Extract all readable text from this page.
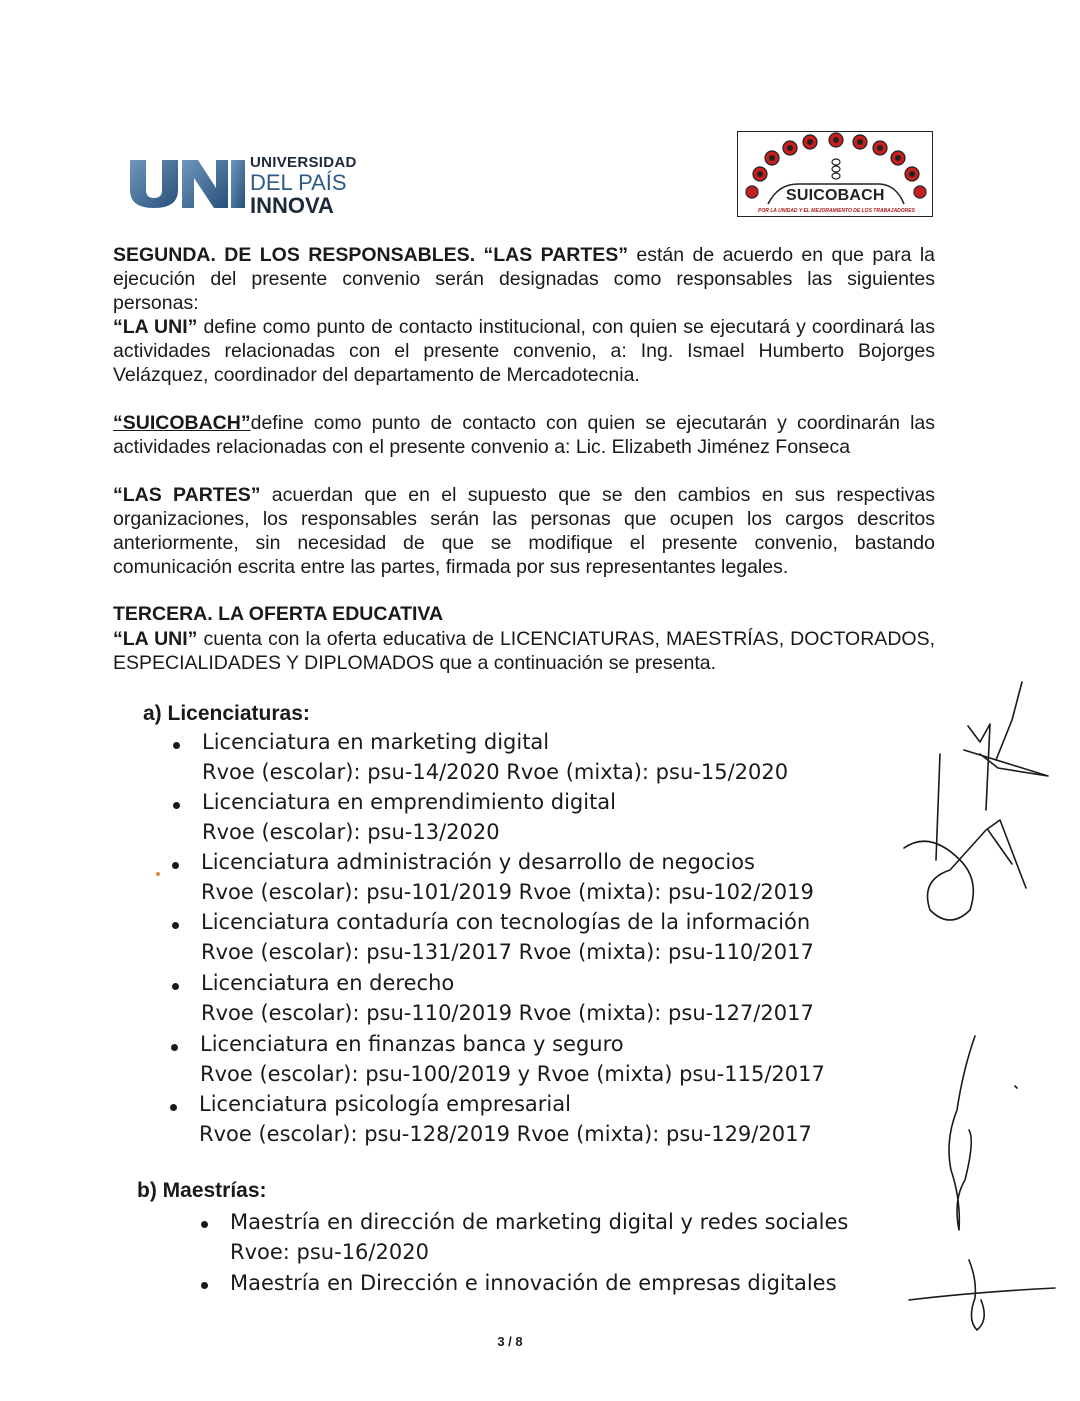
UNIVERSIDAD
DEL PAÍS
INNOVA	SUICOBACH
POR LA UNIDAD Y EL MEJORAMIENTO DE LOS TRABAJADORES

SEGUNDA. DE LOS RESPONSABLES. “LAS PARTES” están de acuerdo en que para la ejecución del presente convenio serán designadas como responsables las siguientes personas:

“LA UNI” define como punto de contacto institucional, con quien se ejecutará y coordinará las actividades relacionadas con el presente convenio, a: Ing. Ismael Humberto Bojorges Velázquez, coordinador del departamento de Mercadotecnia.

“SUICOBACH”define como punto de contacto con quien se ejecutarán y coordinarán las actividades relacionadas con el presente convenio a: Lic. Elizabeth Jiménez Fonseca

“LAS PARTES” acuerdan que en el supuesto que se den cambios en sus respectivas organizaciones, los responsables serán las personas que ocupen los cargos descritos anteriormente, sin necesidad de que se modifique el presente convenio, bastando comunicación escrita entre las partes, firmada por sus representantes legales.

TERCERA. LA OFERTA EDUCATIVA

“LA UNI” cuenta con la oferta educativa de LICENCIATURAS, MAESTRÍAS, DOCTORADOS, ESPECIALIDADES Y DIPLOMADOS que a continuación se presenta.

a) Licenciaturas:

Licenciatura en marketing digital
Rvoe (escolar): psu-14/2020 Rvoe (mixta): psu-15/2020
Licenciatura en emprendimiento digital
Rvoe (escolar): psu-13/2020
Licenciatura administración y desarrollo de negocios
Rvoe (escolar): psu-101/2019 Rvoe (mixta): psu-102/2019
Licenciatura contaduría con tecnologías de la información
Rvoe (escolar): psu-131/2017 Rvoe (mixta): psu-110/2017
Licenciatura en derecho
Rvoe (escolar): psu-110/2019 Rvoe (mixta): psu-127/2017
Licenciatura en finanzas banca y seguro
Rvoe (escolar): psu-100/2019 y Rvoe (mixta) psu-115/2017
Licenciatura psicología empresarial
Rvoe (escolar): psu-128/2019 Rvoe (mixta): psu-129/2017

b) Maestrías:

Maestría en dirección de marketing digital y redes sociales
Rvoe: psu-16/2020
Maestría en Dirección e innovación de empresas digitales
3 / 8
